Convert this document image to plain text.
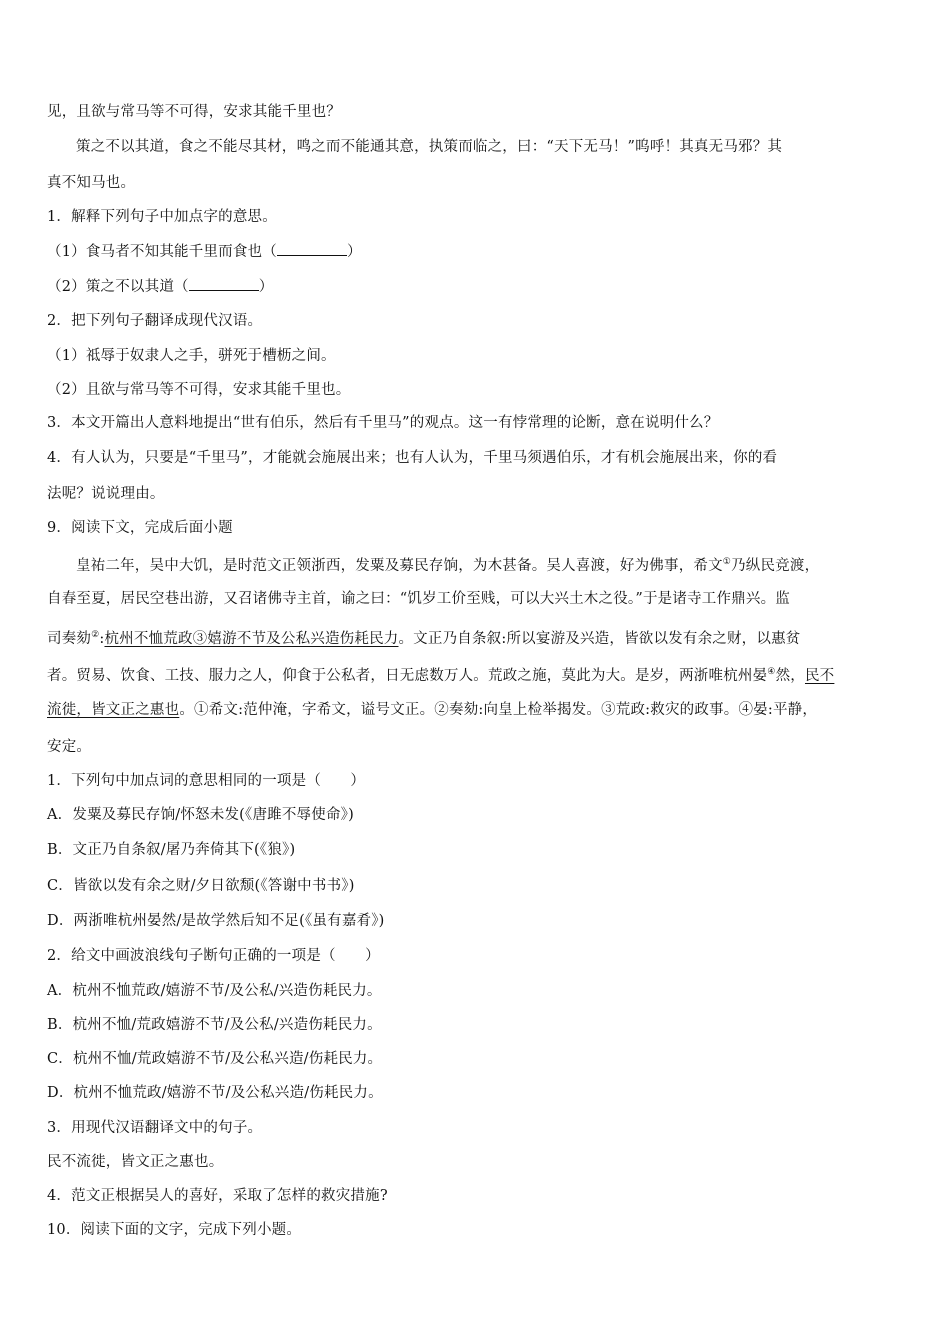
见，且欲与常马等不可得，安求其能千里也？
策之不以其道，食之不能尽其材，鸣之而不能通其意，执策而临之，曰：“天下无马！”呜呼！其真无马邪？其
真不知马也。
1．解释下列句子中加点字的意思。
（1）食马者不知其能千里而食也（	）
（2）策之不以其道（	）
2．把下列句子翻译成现代汉语。
（1）祗辱于奴隶人之手，骈死于槽枥之间。
（2）且欲与常马等不可得，安求其能千里也。
3．本文开篇出人意料地提出“世有伯乐，然后有千里马”的观点。这一有悖常理的论断，意在说明什么？
4．有人认为，只要是“千里马”，才能就会施展出来；也有人认为，千里马须遇伯乐，才有机会施展出来，你的看
法呢？说说理由。
9．阅读下文，完成后面小题
皇祐二年，吴中大饥，是时范文正领浙西，发粟及募民存饷，为木甚备。吴人喜渡，好为佛事，希文①乃纵民竞渡，
自春至夏，居民空巷出游，又召诸佛寺主首，谕之曰：“饥岁工价至贱，可以大兴土木之役。”于是诸寺工作鼎兴。监
司奏劾②:杭州不恤荒政③嬉游不节及公私兴造伤耗民力。文正乃自条叙:所以宴游及兴造，皆欲以发有余之财，以惠贫
者。贸易、饮食、工技、服力之人，仰食于公私者，日无虑数万人。荒政之施，莫此为大。是岁，两浙唯杭州晏④然，民不
流徙，皆文正之惠也。①希文:范仲淹，字希文，谥号文正。②奏劾:向皇上检举揭发。③荒政:救灾的政事。④晏:平静，
安定。
1．下列句中加点词的意思相同的一项是（　　）
A．发粟及募民存饷/怀怒未发(《唐雎不辱使命》)
B．文正乃自条叙/屠乃奔倚其下(《狼》)
C．皆欲以发有余之财/夕日欲颓(《答谢中书书》)
D．两浙唯杭州晏然/是故学然后知不足(《虽有嘉肴》)
2．给文中画波浪线句子断句正确的一项是（　　）
A．杭州不恤荒政/嬉游不节/及公私/兴造伤耗民力。
B．杭州不恤/荒政嬉游不节/及公私/兴造伤耗民力。
C．杭州不恤/荒政嬉游不节/及公私兴造/伤耗民力。
D．杭州不恤荒政/嬉游不节/及公私兴造/伤耗民力。
3．用现代汉语翻译文中的句子。
民不流徙，皆文正之惠也。
4．范文正根据吴人的喜好，采取了怎样的救灾措施?
10．阅读下面的文字，完成下列小题。
